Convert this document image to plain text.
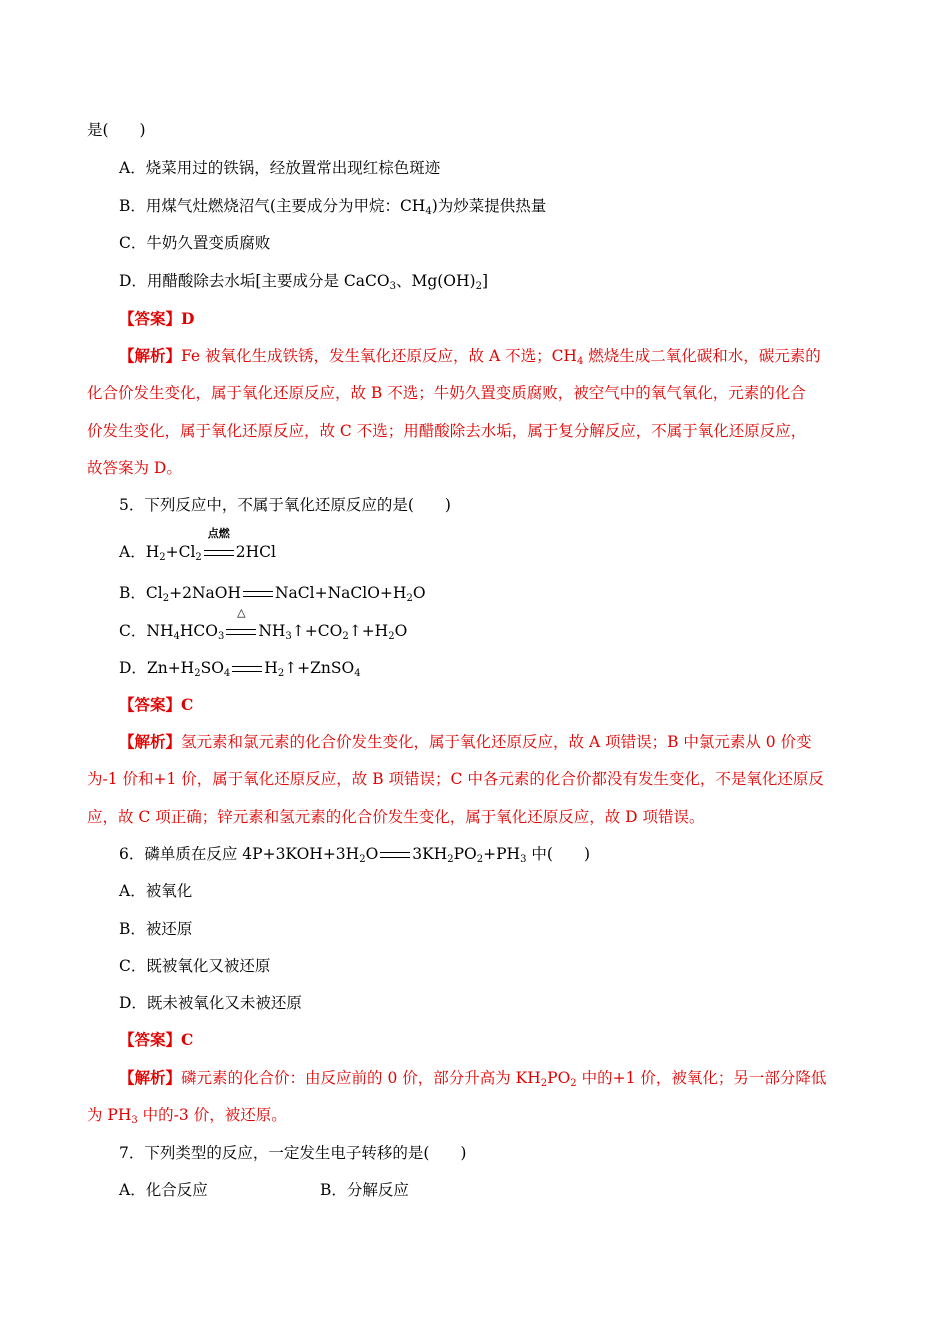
是(　　)
A．烧菜用过的铁锅，经放置常出现红棕色斑迹
B．用煤气灶燃烧沼气(主要成分为甲烷：$CH_4$)为炒菜提供热量
C．牛奶久置变质腐败
D．用醋酸除去水垢[主要成分是 CaCO$_3$、$Mg(OH)_2$]
【答案】D
【解析】Fe 被氧化生成铁锈，发生氧化还原反应，故 A 不选；$CH_4$ 燃烧生成二氧化碳和水，碳元素的
化合价发生变化，属于氧化还原反应，故 B 不选；牛奶久置变质腐败，被空气中的氧气氧化，元素的化合
价发生变化，属于氧化还原反应，故 C 不选；用醋酸除去水垢，属于复分解反应，不属于氧化还原反应，
故答案为 D。
5．下列反应中，不属于氧化还原反应的是(　　)
A．$H_2+Cl_2$
点燃
2HCl
B．$Cl_2+2NaOH$ $NaCl+NaClO+H_2O$
C．$NH_4HCO_3$
△
$NH_3↑+CO_2↑+H_2O$
D．$Zn+H_2SO_4$ $H_2↑+ZnSO_4$
【答案】C
【解析】氢元素和氯元素的化合价发生变化，属于氧化还原反应，故 A 项错误；B 中氯元素从 0 价变
为-1 价和+1 价，属于氧化还原反应，故 B 项错误；C 中各元素的化合价都没有发生变化，不是氧化还原反
应，故 C 项正确；锌元素和氢元素的化合价发生变化，属于氧化还原反应，故 D 项错误。
6．磷单质在反应 $4P+3KOH+3H_2O$ $3KH_2PO_2+PH_3$ 中(　　)
A．被氧化
B．被还原
C．既被氧化又被还原
D．既未被氧化又未被还原
【答案】C
【解析】磷元素的化合价：由反应前的 0 价，部分升高为 $KH_2PO_2$ 中的+1 价，被氧化；另一部分降低
为 $PH_3$ 中的-3 价，被还原。
7．下列类型的反应，一定发生电子转移的是(　　)
A．化合反应	B．分解反应
